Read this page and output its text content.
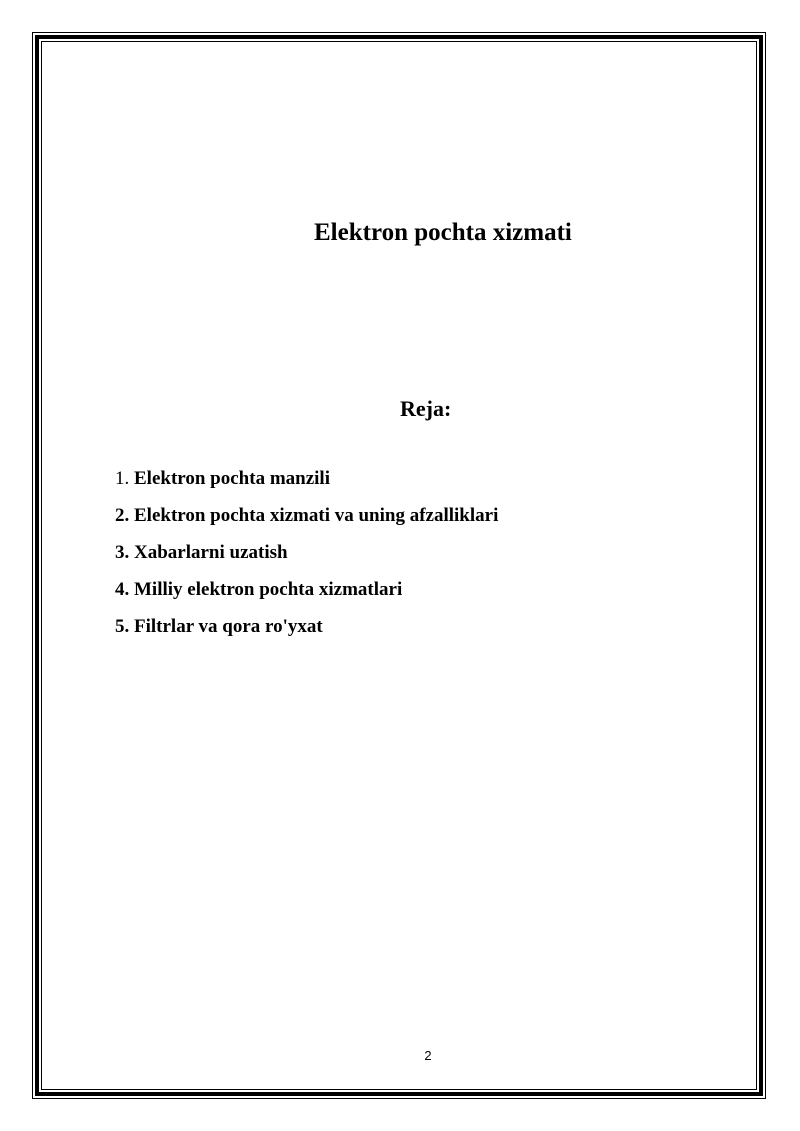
Elektron pochta xizmati
Reja:
1. Elektron pochta manzili
2. Elektron pochta xizmati va uning afzalliklari
3. Xabarlarni uzatish
4. Milliy elektron pochta xizmatlari
5. Filtrlar va qora ro'yxat
2
